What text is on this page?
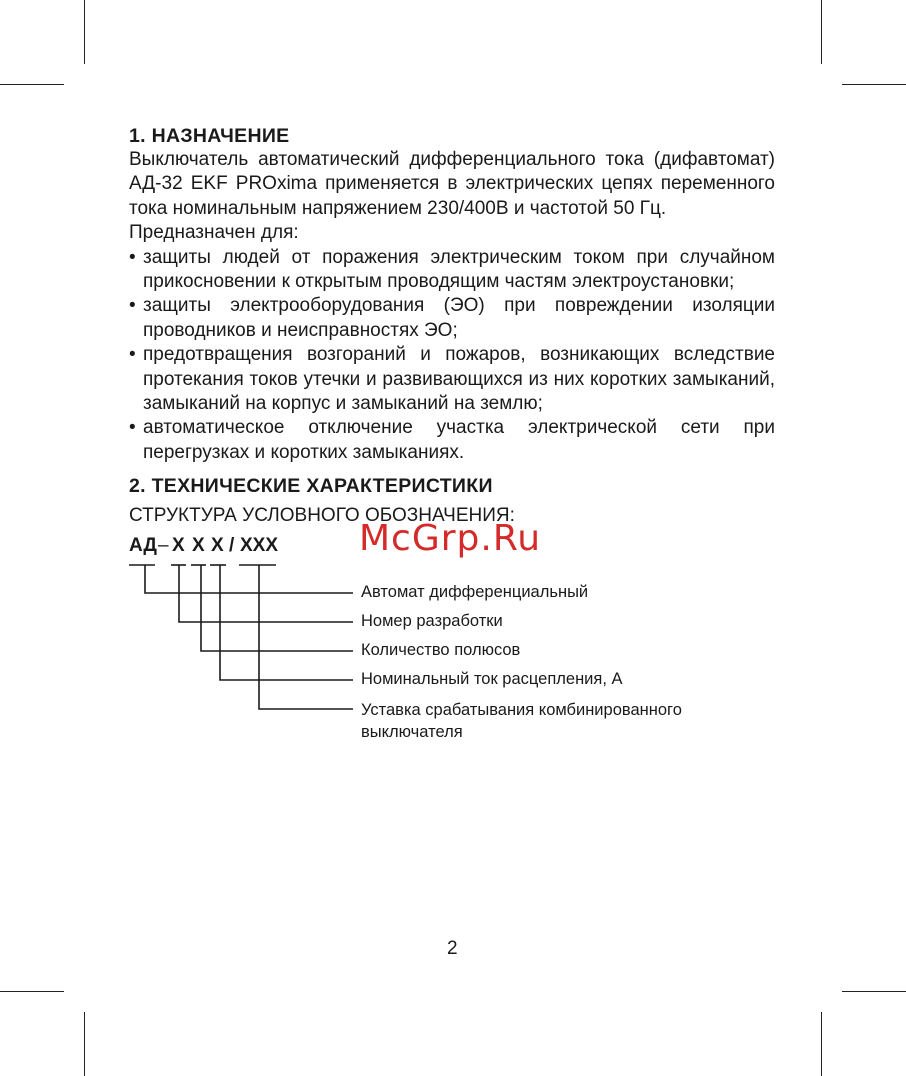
1. НАЗНАЧЕНИЕ

Выключатель автоматический дифференциального тока (дифавтомат) АД-32 EKF PROxima применяется в электрических цепях переменного тока номинальным напряжением 230/400В и частотой 50 Гц.

Предназначен для:

• защиты людей от поражения электрическим током при случайном прикосновении к открытым проводящим частям электроустановки;
• защиты электрооборудования (ЭО) при повреждении изоляции проводников и неисправностях ЭО;
• предотвращения возгораний и пожаров, возникающих вследствие протекания токов утечки и развивающихся из них коротких замыканий, замыканий на корпус и замыканий на землю;
• автоматическое отключение участка электрической сети при перегрузках и коротких замыканиях.
2. ТЕХНИЧЕСКИЕ ХАРАКТЕРИСТИКИ
СТРУКТУРА УСЛОВНОГО ОБОЗНАЧЕНИЯ:
АД – Х Х Х / ХХХ
Автомат дифференциальный
Номер разработки
Количество полюсов
Номинальный ток расцепления, А
Уставка срабатывания комбинированного
выключателя
McGrp.Ru
2
